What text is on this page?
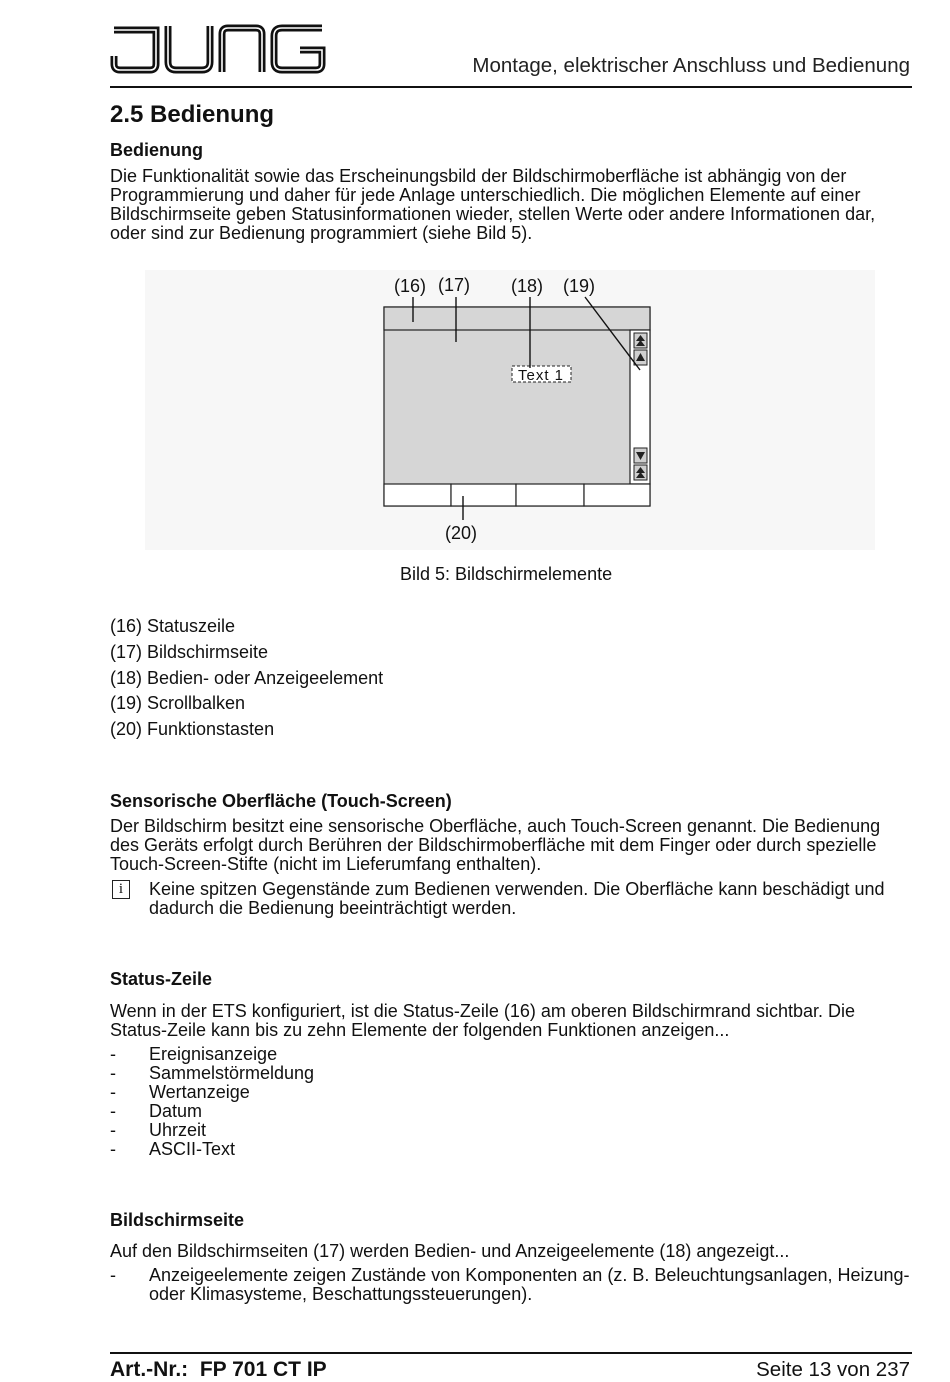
Montage, elektrischer Anschluss und Bedienung
2.5 Bedienung
Bedienung
Die Funktionalität sowie das Erscheinungsbild der Bildschirmoberfläche ist abhängig von der Programmierung und daher für jede Anlage unterschiedlich. Die möglichen Elemente auf einer Bildschirmseite geben Statusinformationen wieder, stellen Werte oder andere Informationen dar, oder sind zur Bedienung programmiert (siehe Bild 5).
Text 1
(16) (17) (18) (19)
(20)
Bild 5: Bildschirmelemente
(16) Statuszeile
(17) Bildschirmseite
(18) Bedien- oder Anzeigeelement
(19) Scrollbalken
(20) Funktionstasten
Sensorische Oberfläche (Touch-Screen)
Der Bildschirm besitzt eine sensorische Oberfläche, auch Touch-Screen genannt. Die Bedienung des Geräts erfolgt durch Berühren der Bildschirmoberfläche mit dem Finger oder durch spezielle Touch-Screen-Stifte (nicht im Lieferumfang enthalten).
i	Keine spitzen Gegenstände zum Bedienen verwenden. Die Oberfläche kann beschädigt und dadurch die Bedienung beeinträchtigt werden.
Status-Zeile
Wenn in der ETS konfiguriert, ist die Status-Zeile (16) am oberen Bildschirmrand sichtbar. Die Status-Zeile kann bis zu zehn Elemente der folgenden Funktionen anzeigen...
- Ereignisanzeige
- Sammelstörmeldung
- Wertanzeige
- Datum
- Uhrzeit
- ASCII-Text
Bildschirmseite
Auf den Bildschirmseiten (17) werden Bedien- und Anzeigeelemente (18) angezeigt...
- Anzeigeelemente zeigen Zustände von Komponenten an (z. B. Beleuchtungsanlagen, Heizung- oder Klimasysteme, Beschattungssteuerungen).
Art.-Nr.:  FP 701 CT IP	Seite 13 von 237
